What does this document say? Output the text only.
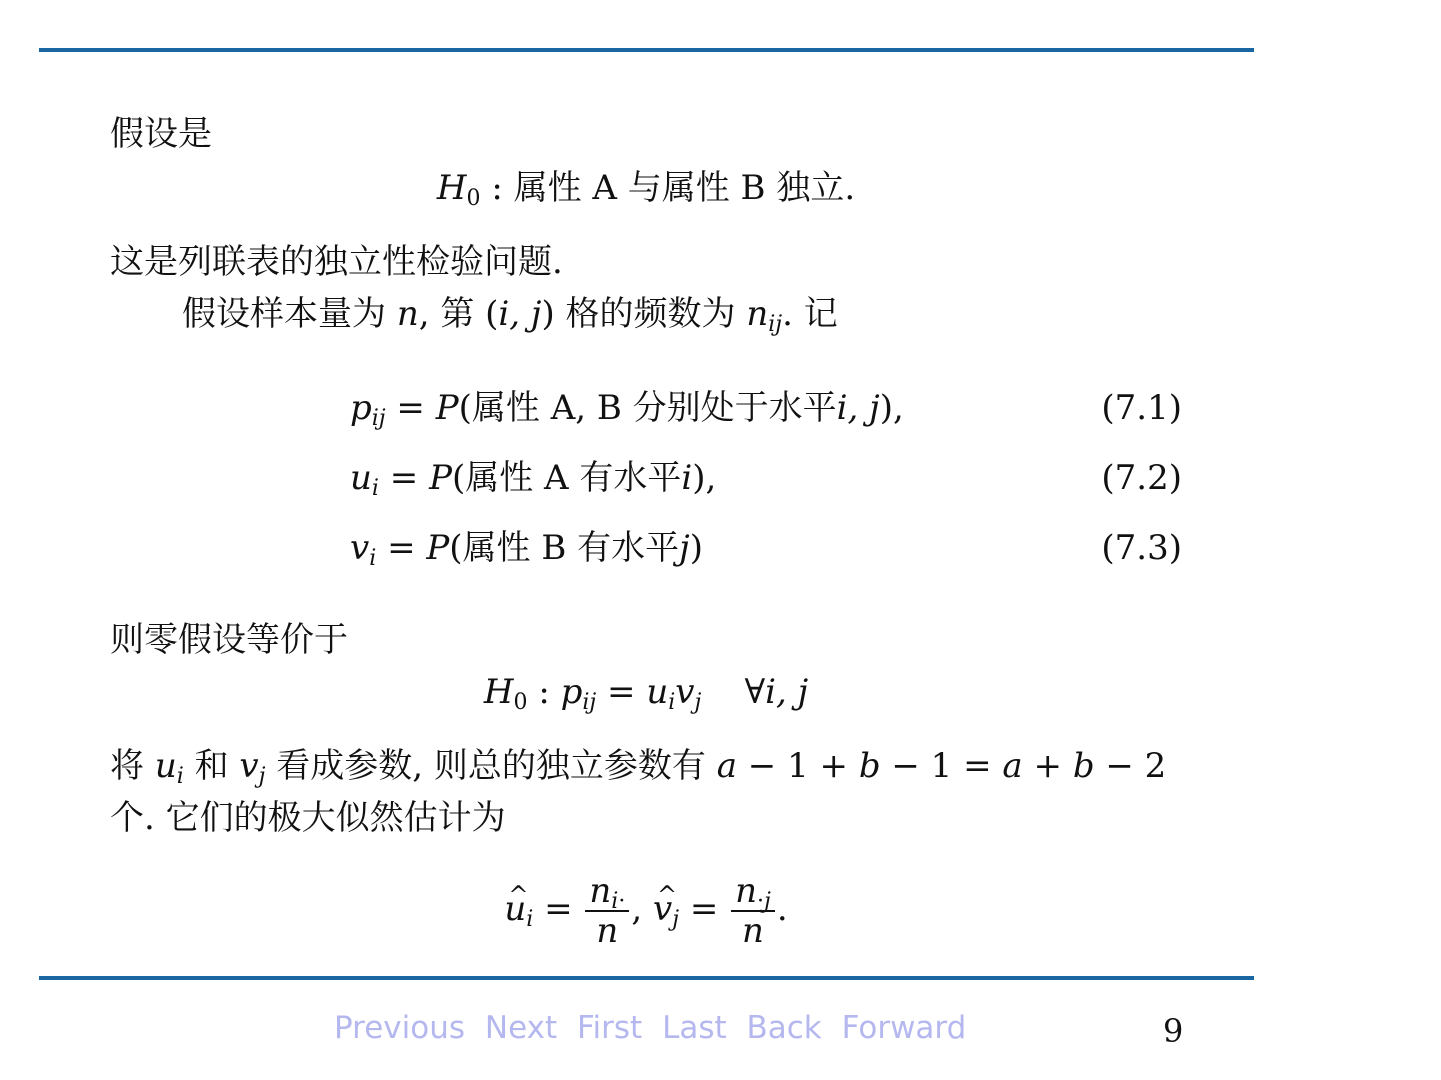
假设是
$H_0$ : 属性 A 与属性 B 独立.
这是列联表的独立性检验问题.
假设样本量为 n, 第 (i, j) 格的频数为 $n_{ij}$. 记
$p_{ij} = P$(属性 A, B 分别处于水平i, j),	(7.1)
$u_i = P$(属性 A 有水平i),	(7.2)
$v_i = P$(属性 B 有水平j)	(7.3)
则零假设等价于
$H_0$ : $p_{ij} = u_iv_j$    ∀i, j
将 $u_i$ 和 $v_j$ 看成参数, 则总的独立参数有 a − 1 + b − 1 = a + b − 2
个. 它们的极大似然估计为
^ $u_i = \frac{n_{i\cdot}}{n}$ , ^ $v_j = \frac{n_{\cdot j}}{n}$ .
Previous Next First Last Back Forward	9
